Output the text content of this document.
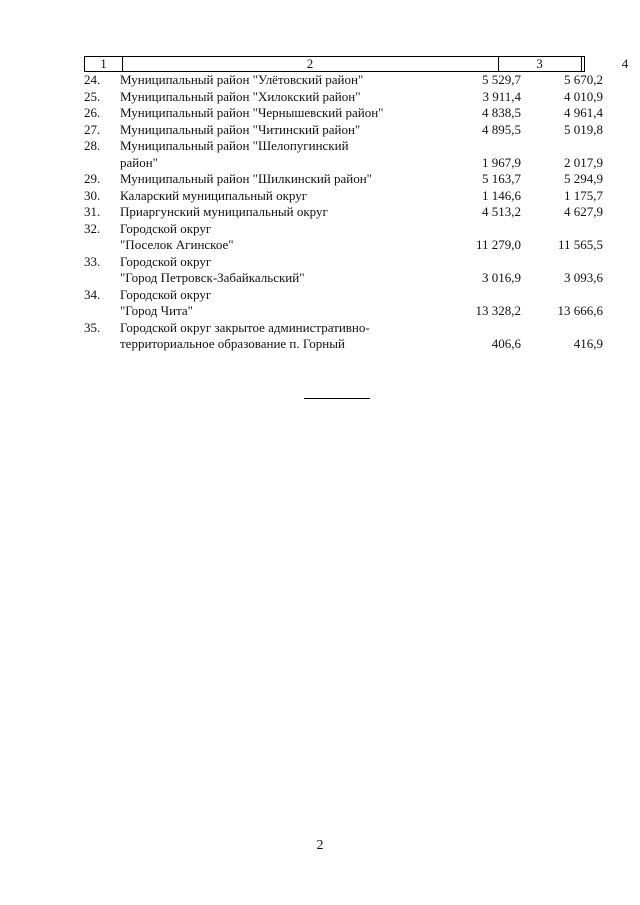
1	2	3	4
24.	Муниципальный район "Улётовский район"	5 529,7	5 670,2
25.	Муниципальный район "Хилокский район"	3 911,4	4 010,9
26.	Муниципальный район "Чернышевский район"	4 838,5	4 961,4
27.	Муниципальный район "Читинский район"	4 895,5	5 019,8
28.	Муниципальный район "Шелопугинский
район"	1 967,9	2 017,9
29.	Муниципальный район "Шилкинский район"	5 163,7	5 294,9
30.	Каларский муниципальный округ	1 146,6	1 175,7
31.	Приаргунский муниципальный округ	4 513,2	4 627,9
32.	Городской округ
"Поселок Агинское"	11 279,0	11 565,5
33.	Городской округ
"Город Петровск-Забайкальский"	3 016,9	3 093,6
34.	Городской округ
"Город Чита"	13 328,2	13 666,6
35.	Городской округ закрытое административно-
территориальное образование п. Горный	406,6	416,9
2
